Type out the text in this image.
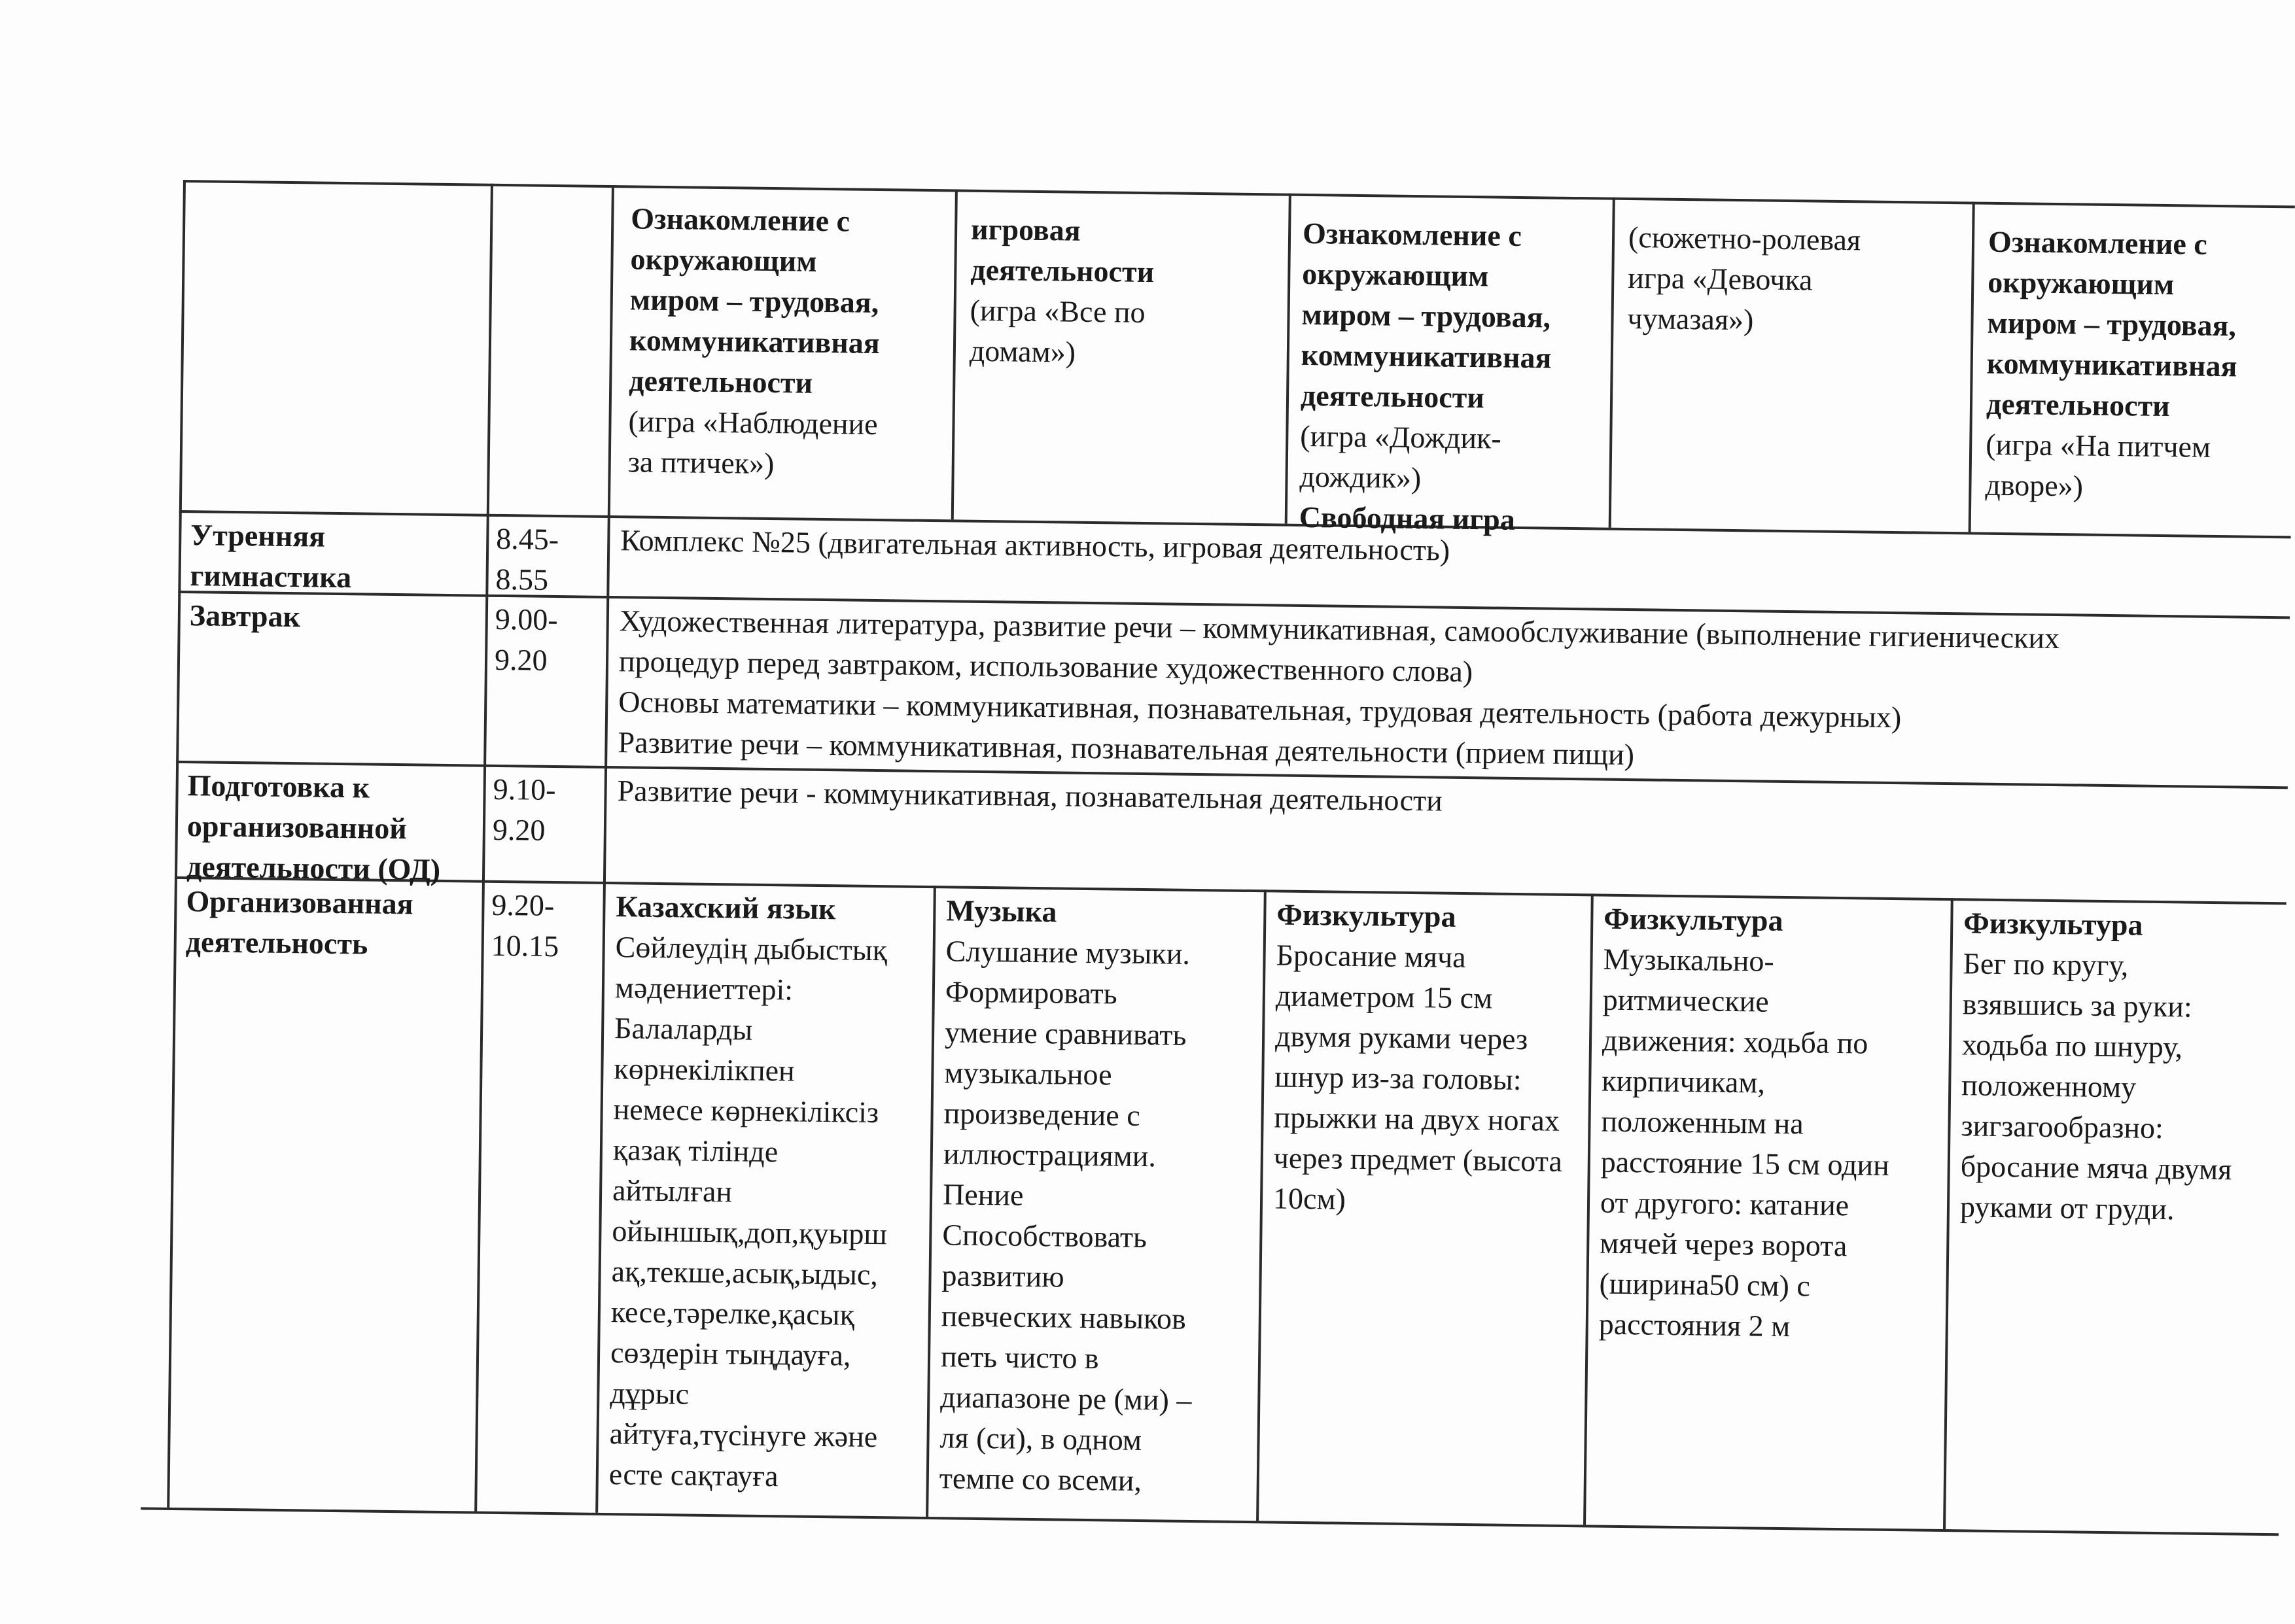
Ознакомление с
окружающим
миром – трудовая,
коммуникативная
деятельности
(игра «Наблюдение
за птичек»)
игровая
деятельности
(игра «Все по
домам»)
Ознакомление с
окружающим
миром – трудовая,
коммуникативная
деятельности
(игра «Дождик-
дождик»)
Свободная игра
(сюжетно-ролевая
игра «Девочка
чумазая»)
Ознакомление с
окружающим
миром – трудовая,
коммуникативная
деятельности
(игра «На питчем
дворе»)
Утренняя
гимнастика
8.45-
8.55
Комплекс №25 (двигательная активность, игровая деятельность)
Завтрак	9.00-
9.20
Художественная литература, развитие речи – коммуникативная, самообслуживание (выполнение гигиенических
процедур перед завтраком, использование художественного слова)
Основы математики – коммуникативная, познавательная, трудовая деятельность (работа дежурных)
Развитие речи – коммуникативная, познавательная деятельности (прием пищи)
Подготовка к
организованной
деятельности (ОД)
9.10-
9.20
Развитие речи - коммуникативная, познавательная деятельности
Организованная
деятельность
9.20-
10.15
Казахский язык
Сөйлеудің дыбыстық
мәдениеттері:
Балаларды
көрнекілікпен
немесе көрнекіліксіз
қазақ тілінде
айтылған
ойыншық,доп,қуырш
ақ,текше,асық,ыдыс,
кесе,тәрелке,қасық
сөздерін тыңдауға,
дұрыс
айтуға,түсінуге және
есте сақтауға
Музыка
Слушание музыки.
Формировать
умение сравнивать
музыкальное
произведение с
иллюстрациями.
Пение
Способствовать
развитию
певческих навыков
петь чисто в
диапазоне ре (ми) –
ля (си), в одном
темпе со всеми,
Физкультура
Бросание мяча
диаметром 15 см
двумя руками через
шнур из-за головы:
прыжки на двух ногах
через предмет (высота
10см)
Физкультура
Музыкально-
ритмические
движения: ходьба по
кирпичикам,
положенным на
расстояние 15 см один
от другого: катание
мячей через ворота
(ширина50 см) с
расстояния 2 м
Физкультура
Бег по кругу,
взявшись за руки:
ходьба по шнуру,
положенному
зигзагообразно:
бросание мяча двумя
руками от груди.
